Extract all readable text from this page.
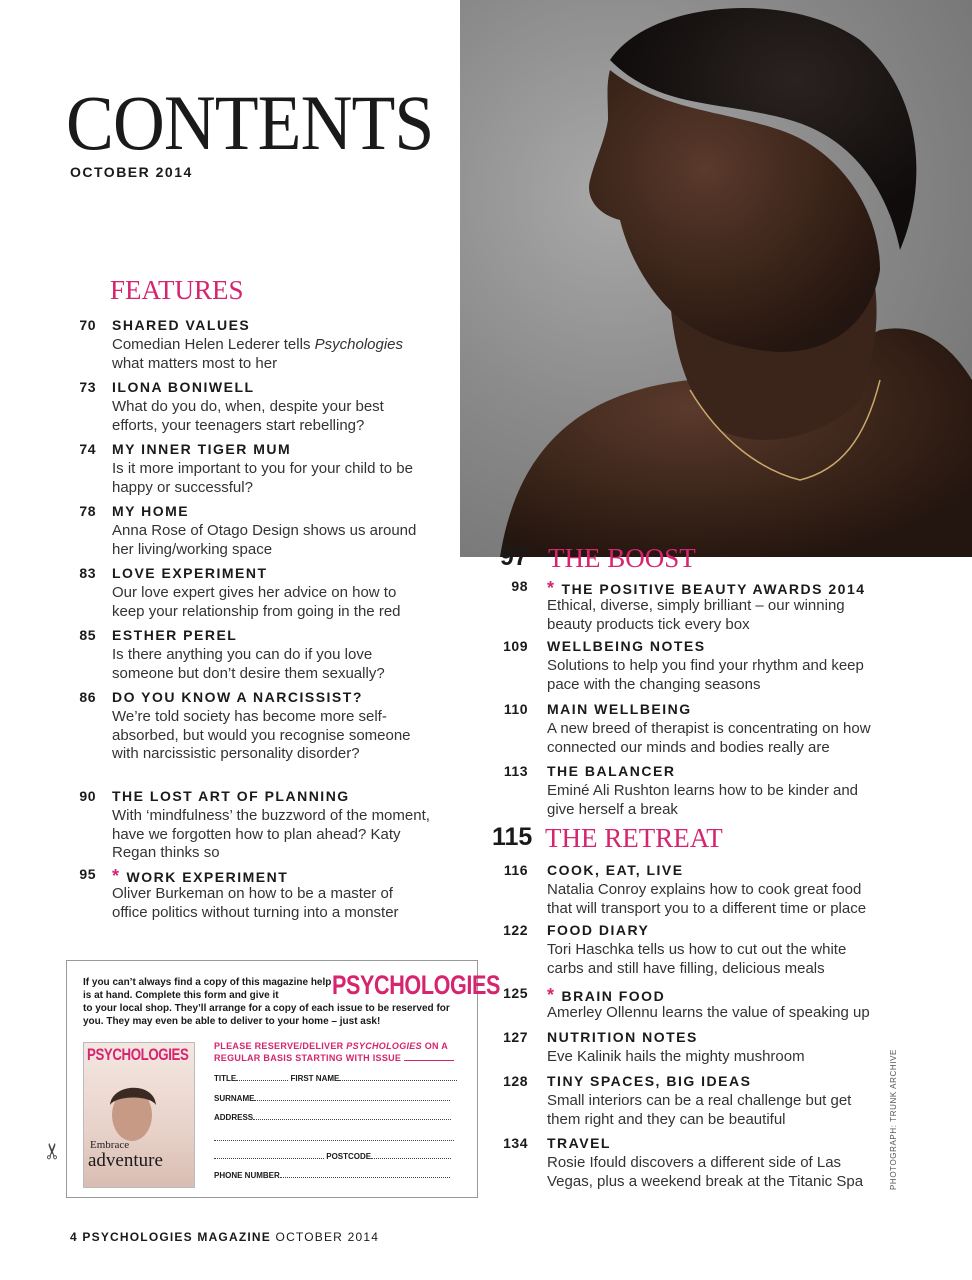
CONTENTS
OCTOBER 2014
FEATURES
70 SHARED VALUES
Comedian Helen Lederer tells Psychologies what matters most to her
73 ILONA BONIWELL
What do you do, when, despite your best efforts, your teenagers start rebelling?
74 MY INNER TIGER MUM
Is it more important to you for your child to be happy or successful?
78 MY HOME
Anna Rose of Otago Design shows us around her living/working space
83 LOVE EXPERIMENT
Our love expert gives her advice on how to keep your relationship from going in the red
85 ESTHER PEREL
Is there anything you can do if you love someone but don’t desire them sexually?
86 DO YOU KNOW A NARCISSIST?
We’re told society has become more self-absorbed, but would you recognise someone with narcissistic personality disorder?
90 THE LOST ART OF PLANNING
With ‘mindfulness’ the buzzword of the moment, have we forgotten how to plan ahead? Katy Regan thinks so
95 * WORK EXPERIMENT
Oliver Burkeman on how to be a master of office politics without turning into a monster
97 THE BOOST
98 * THE POSITIVE BEAUTY AWARDS 2014
Ethical, diverse, simply brilliant – our winning beauty products tick every box
109 WELLBEING NOTES
Solutions to help you find your rhythm and keep pace with the changing seasons
110 MAIN WELLBEING
A new breed of therapist is concentrating on how connected our minds and bodies really are
113 THE BALANCER
Eminé Ali Rushton learns how to be kinder and give herself a break
115 THE RETREAT
116 COOK, EAT, LIVE
Natalia Conroy explains how to cook great food that will transport you to a different time or place
122 FOOD DIARY
Tori Haschka tells us how to cut out the white carbs and still have filling, delicious meals
125 * BRAIN FOOD
Amerley Ollennu learns the value of speaking up
127 NUTRITION NOTES
Eve Kalinik hails the mighty mushroom
128 TINY SPACES, BIG IDEAS
Small interiors can be a real challenge but get them right and they can be beautiful
134 TRAVEL
Rosie Ifould discovers a different side of Las Vegas, plus a weekend break at the Titanic Spa
If you can’t always find a copy of this magazine help is at hand. Complete this form and give it
to your local shop. They’ll arrange for a copy of each issue to be reserved for you. They may even be able to deliver to your home – just ask!
PSYCHOLOGIES
PSYCHOLOGIES
Embrace
adventure
PLEASE RESERVE/DELIVER PSYCHOLOGIES ON A REGULAR BASIS STARTING WITH ISSUE
TITLE	FIRST NAME
SURNAME
ADDRESS
POSTCODE
PHONE NUMBER
✂
4 PSYCHOLOGIES MAGAZINE OCTOBER 2014
PHOTOGRAPH: TRUNK ARCHIVE
